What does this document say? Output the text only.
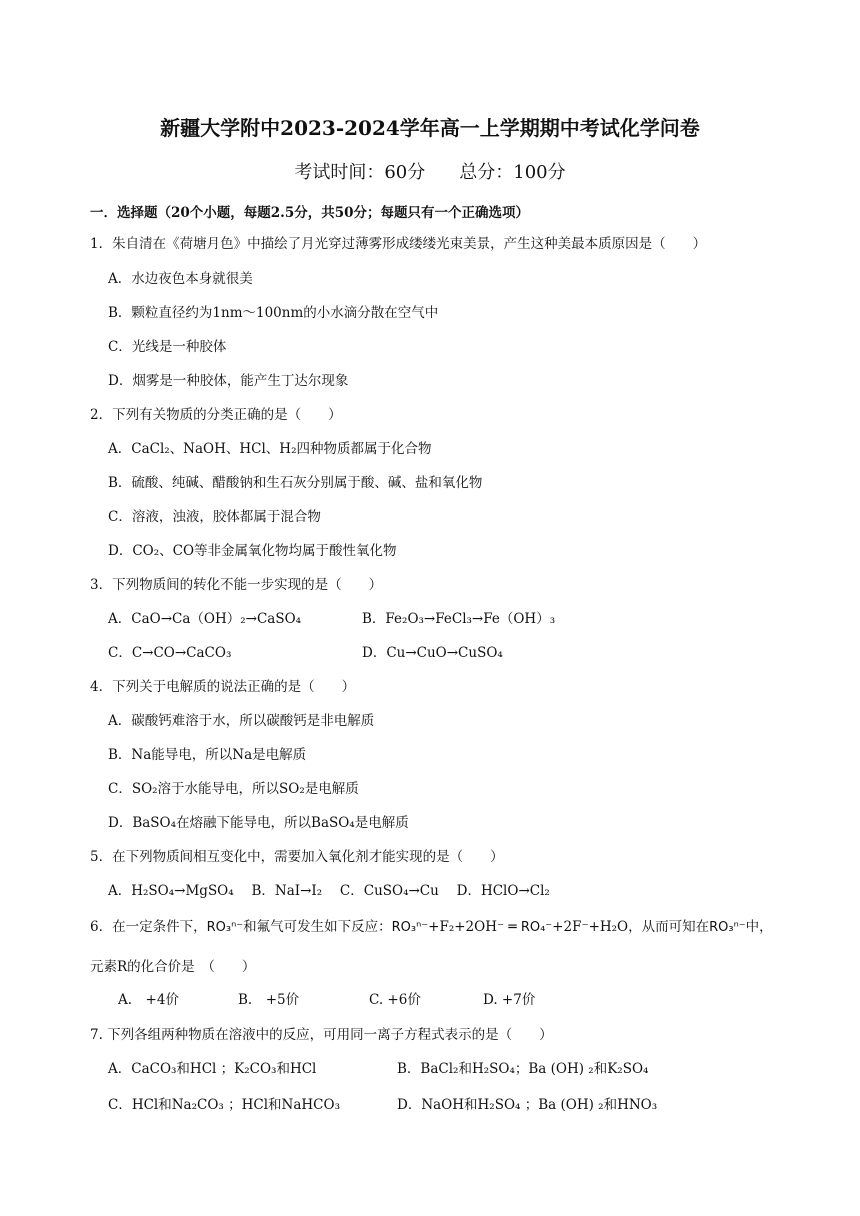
新疆大学附中2023-2024学年高一上学期期中考试化学问卷
考试时间：60分 总分：100分
一．选择题（20个小题，每题2.5分，共50分；每题只有一个正确选项）
1．朱自清在《荷塘月色》中描绘了月光穿过薄雾形成缕缕光束美景，产生这种美最本质原因是（　　）
A．水边夜色本身就很美
B．颗粒直径约为1nm～100nm的小水滴分散在空气中
C．光线是一种胶体
D．烟雾是一种胶体，能产生丁达尔现象
2．下列有关物质的分类正确的是（　　）
A．CaCl₂、NaOH、HCl、H₂四种物质都属于化合物
B．硫酸、纯碱、醋酸钠和生石灰分别属于酸、碱、盐和氧化物
C．溶液，浊液，胶体都属于混合物
D．CO₂、CO等非金属氧化物均属于酸性氧化物
3．下列物质间的转化不能一步实现的是（　　）
A．CaO→Ca（OH）₂→CaSO₄	B．Fe₂O₃→FeCl₃→Fe（OH）₃
C．C→CO→CaCO₃	D．Cu→CuO→CuSO₄
4．下列关于电解质的说法正确的是（　　）
A．碳酸钙难溶于水，所以碳酸钙是非电解质
B．Na能导电，所以Na是电解质
C．SO₂溶于水能导电，所以SO₂是电解质
D．BaSO₄在熔融下能导电，所以BaSO₄是电解质
5．在下列物质间相互变化中，需要加入氧化剂才能实现的是（　　）
A．H₂SO₄→MgSO₄　 B．NaI→I₂　 C．CuSO₄→Cu　 D．HClO→Cl₂
6．在一定条件下，RO₃ⁿ⁻和氟气可发生如下反应：RO₃ⁿ⁻+F₂+2OH⁻ ═ RO₄⁻+2F⁻+H₂O，从而可知在RO₃ⁿ⁻中，
元素R的化合价是　（　　）
A.　+4价	B.　+5价	C. +6价	D. +7价
7. 下列各组两种物质在溶液中的反应，可用同一离子方程式表示的是（　　）
A．CaCO₃和HCl ；K₂CO₃和HCl	B．BaCl₂和H₂SO₄；Ba (OH) ₂和K₂SO₄
C．HCl和Na₂CO₃ ；HCl和NaHCO₃	D．NaOH和H₂SO₄ ；Ba (OH) ₂和HNO₃
